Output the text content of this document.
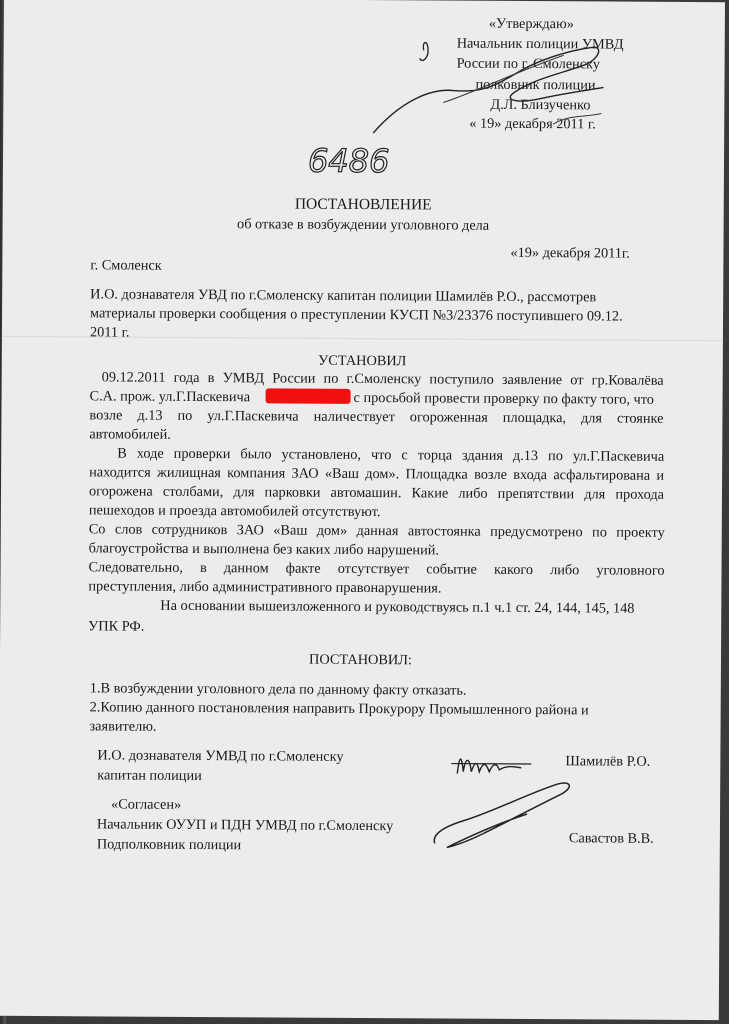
«Утверждаю»
Начальник полиции УМВД
России по г. Смоленску
полковник полиции
Д.Л. Близученко
« 19» декабря 2011 г.
6486
ПОСТАНОВЛЕНИЕ
об отказе в возбуждении уголовного дела
«19» декабря 2011г.
г. Смоленск
И.О. дознавателя УВД по г.Смоленску капитан полиции Шамилёв Р.О., рассмотрев
материалы проверки сообщения о преступлении КУСП №3/23376 поступившего 09.12.
2011 г.
УСТАНОВИЛ
09.12.2011 года в УМВД России по г.Смоленску поступило заявление от гр.Ковалёва
С.А. прож. ул.Г.Паскевича	с просьбой провести проверку по факту того, что
возле д.13 по ул.Г.Паскевича наличествует огороженная площадка, для стоянке
автомобилей.
В ходе проверки было установлено, что с торца здания д.13 по ул.Г.Паскевича
находится жилищная компания ЗАО «Ваш дом». Площадка возле входа асфальтирована и
огорожена столбами, для парковки автомашин. Какие либо препятствии для прохода
пешеходов и проезда автомобилей отсутствуют.
Со слов сотрудников ЗАО «Ваш дом» данная автостоянка предусмотрено по проекту
благоустройства и выполнена без каких либо нарушений.
Следовательно, в данном факте отсутствует событие какого либо уголовного
преступления, либо административного правонарушения.
На основании вышеизложенного и руководствуясь п.1 ч.1 ст. 24, 144, 145, 148
УПК РФ.
ПОСТАНОВИЛ:
1.В возбуждении уголовного дела по данному факту отказать.
2.Копию данного постановления направить Прокурору Промышленного района и
заявителю.
И.О. дознавателя УМВД по г.Смоленску
капитан полиции
Шамилёв Р.О.
«Согласен»
Начальник ОУУП и ПДН УМВД по г.Смоленску
Подполковник полиции	Савастов В.В.
